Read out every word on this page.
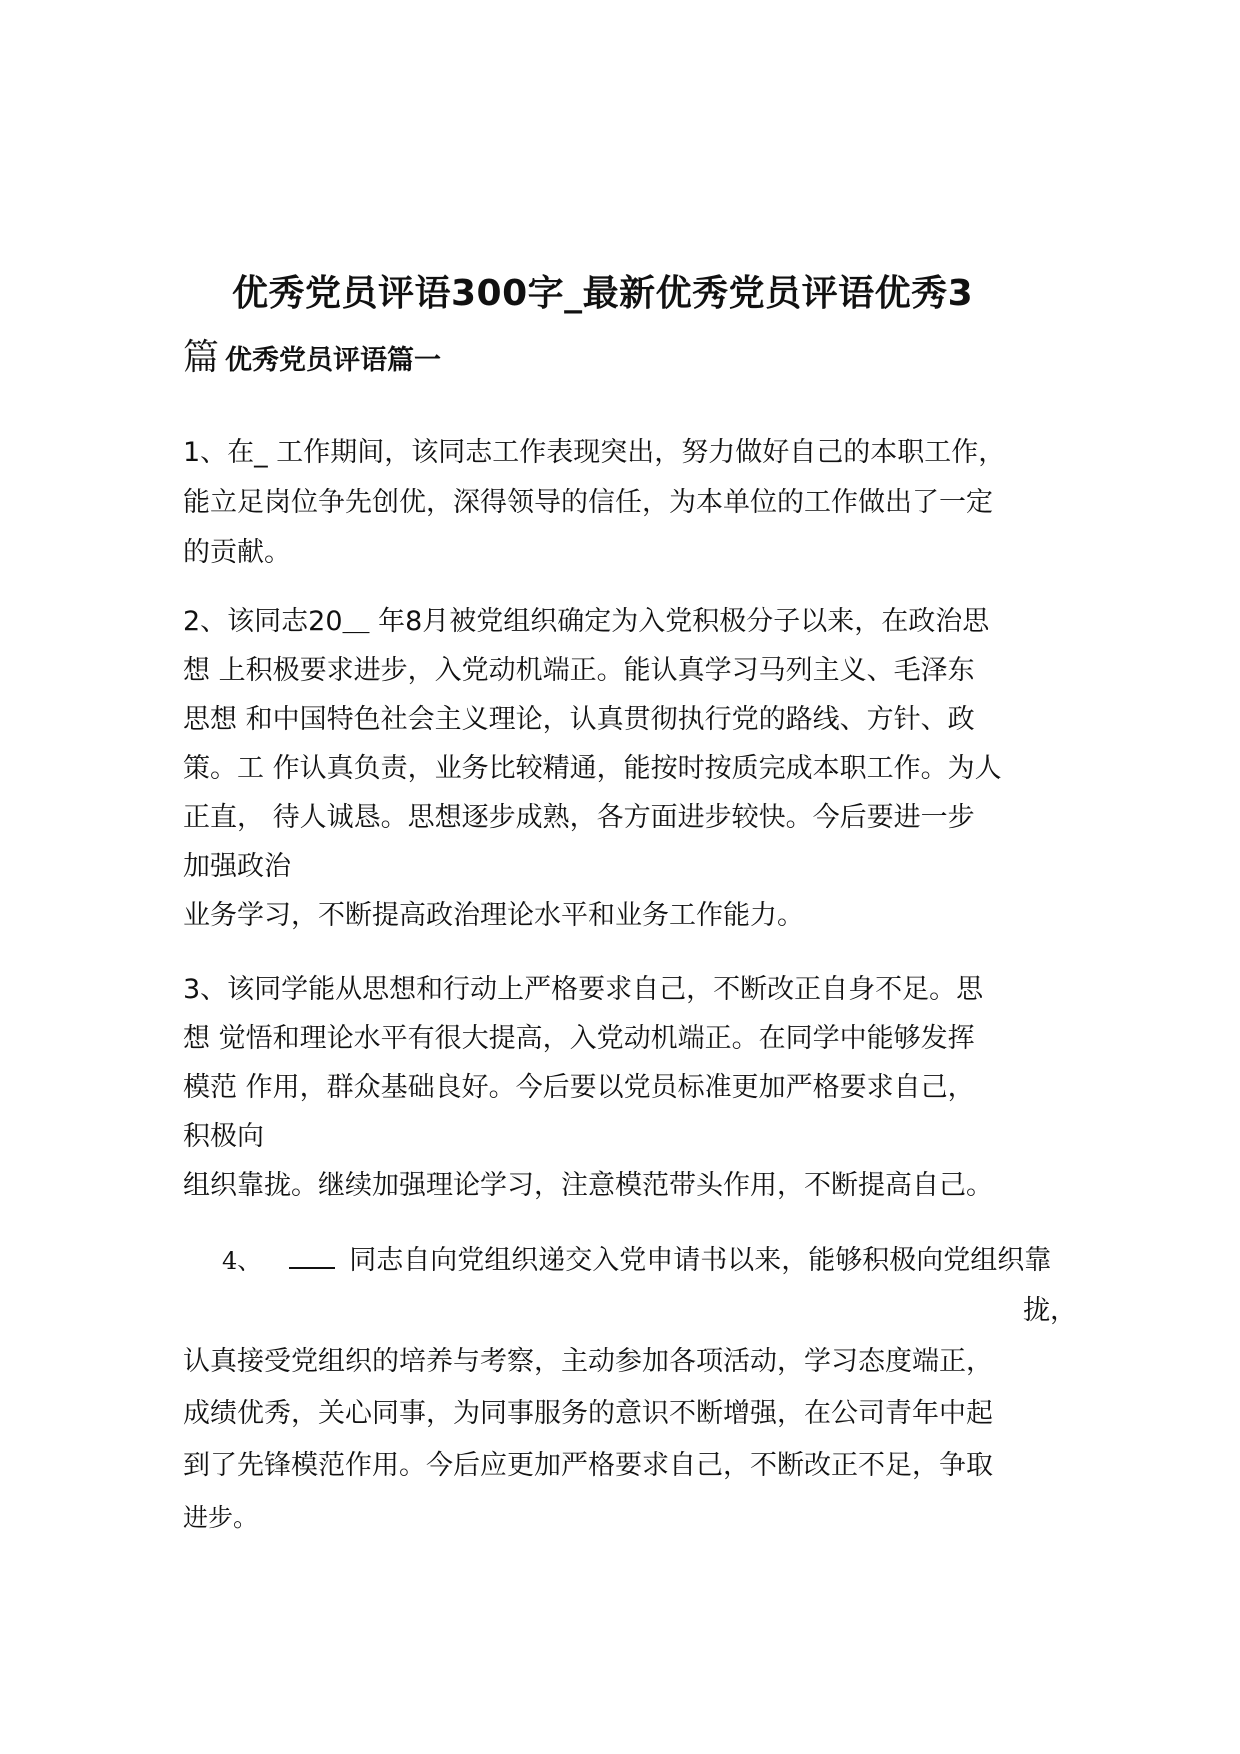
优秀党员评语300字_最新优秀党员评语优秀3
篇 优秀党员评语篇一
1、在_ 工作期间，该同志工作表现突出，努力做好自己的本职工作，
能立足岗位争先创优，深得领导的信任，为本单位的工作做出了一定
的贡献。
2、该同志20＿ 年8月被党组织确定为入党积极分子以来，在政治思
想 上积极要求进步，入党动机端正。能认真学习马列主义、毛泽东
思想 和中国特色社会主义理论，认真贯彻执行党的路线、方针、政
策。工 作认真负责，业务比较精通，能按时按质完成本职工作。为人
正直， 待人诚恳。思想逐步成熟，各方面进步较快。今后要进一步
加强政治
业务学习，不断提高政治理论水平和业务工作能力。
3、该同学能从思想和行动上严格要求自己，不断改正自身不足。思
想 觉悟和理论水平有很大提高，入党动机端正。在同学中能够发挥
模范 作用，群众基础良好。今后要以党员标准更加严格要求自己，
积极向
组织靠拢。继续加强理论学习，注意模范带头作用，不断提高自己。
4、	同志自向党组织递交入党申请书以来，能够积极向党组织靠
拢，
认真接受党组织的培养与考察，主动参加各项活动，学习态度端正，
成绩优秀，关心同事，为同事服务的意识不断增强，在公司青年中起
到了先锋模范作用。今后应更加严格要求自己，不断改正不足，争取
进步。
